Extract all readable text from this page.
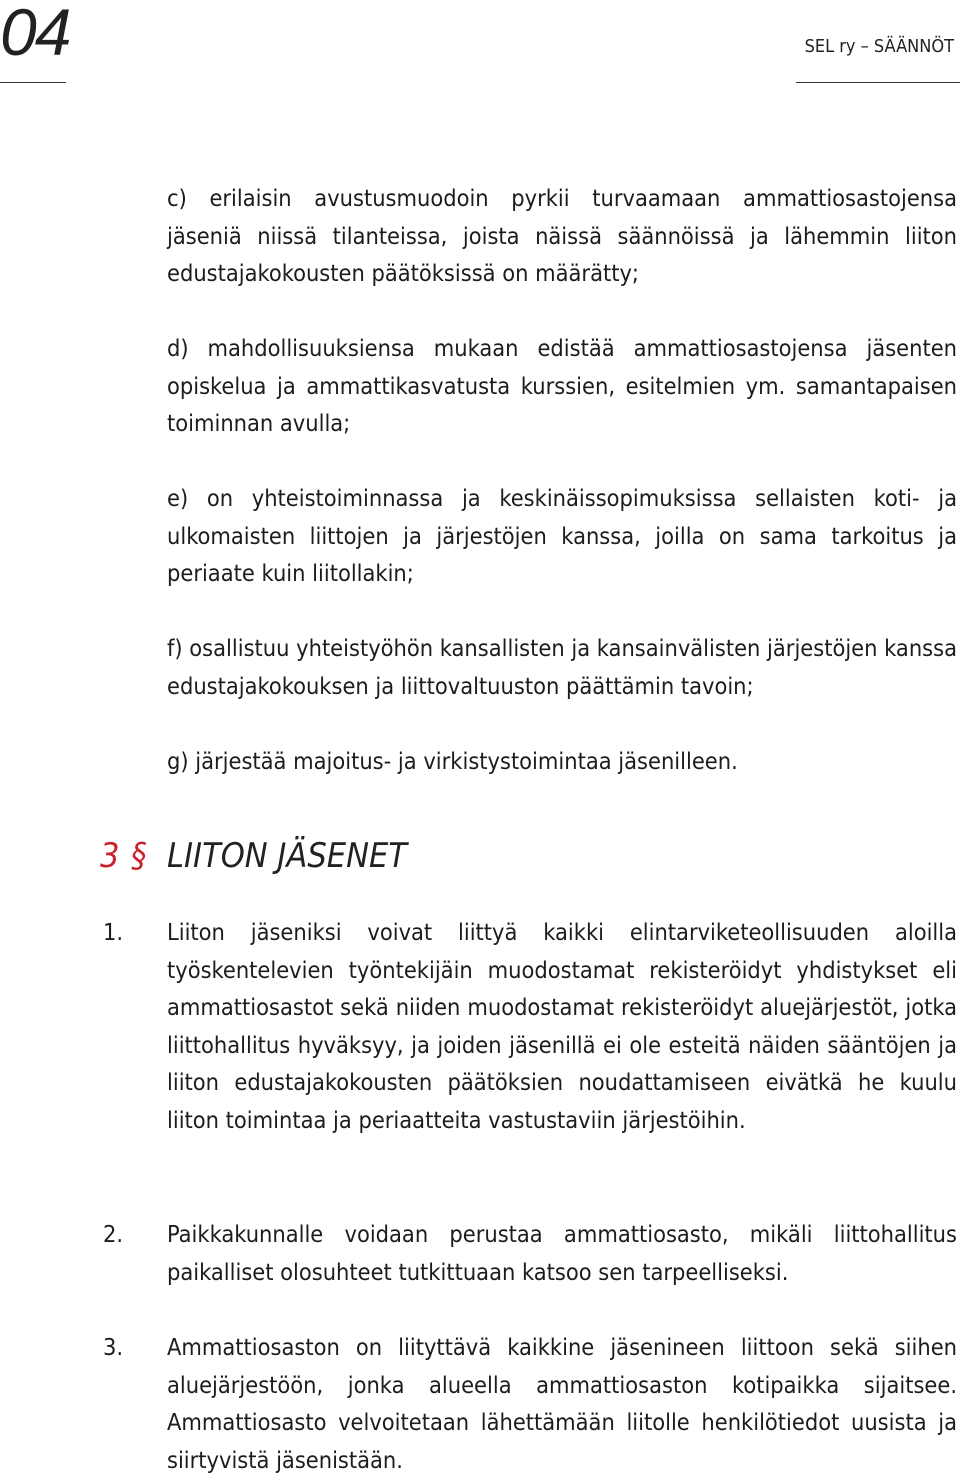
04	SEL ry – SÄÄNNÖT

c) erilaisin avustusmuodoin pyrkii turvaamaan ammattiosastojensa jäseniä niissä tilanteissa, joista näissä säännöissä ja lähemmin liiton edustajakokousten päätöksissä on määrätty;

d) mahdollisuuksiensa mukaan edistää ammattiosastojensa jäsenten opiskelua ja ammattikasvatusta kurssien, esitelmien ym. samantapaisen toiminnan avulla;

e) on yhteistoiminnassa ja keskinäissopimuksissa sellaisten koti- ja ulkomaisten liittojen ja järjestöjen kanssa, joilla on sama tarkoitus ja periaate kuin liitollakin;

f) osallistuu yhteistyöhön kansallisten ja kansainvälisten järjestöjen kanssa edustajakokouksen ja liittovaltuuston päättämin tavoin;

g) järjestää majoitus- ja virkistystoimintaa jäsenilleen.

3 § LIITON JÄSENET
1. Liiton jäseniksi voivat liittyä kaikki elintarviketeollisuuden aloilla työskentelevien työntekijäin muodostamat rekisteröidyt yhdistykset eli ammattiosastot sekä niiden muodostamat rekisteröidyt aluejärjestöt, jotka liittohallitus hyväksyy, ja joiden jäsenillä ei ole esteitä näiden sääntöjen ja liiton edustajakokousten päätöksien noudattamiseen eivätkä he kuulu liiton toimintaa ja periaatteita vastustaviin järjestöihin.

2. Paikkakunnalle voidaan perustaa ammattiosasto, mikäli liittohallitus paikalliset olosuhteet tutkittuaan katsoo sen tarpeelliseksi.

3. Ammattiosaston on liityttävä kaikkine jäsenineen liittoon sekä siihen aluejärjestöön, jonka alueella ammattiosaston kotipaikka sijaitsee. Ammattiosasto velvoitetaan lähettämään liitolle henkilötiedot uusista ja siirtyvistä jäsenistään.
